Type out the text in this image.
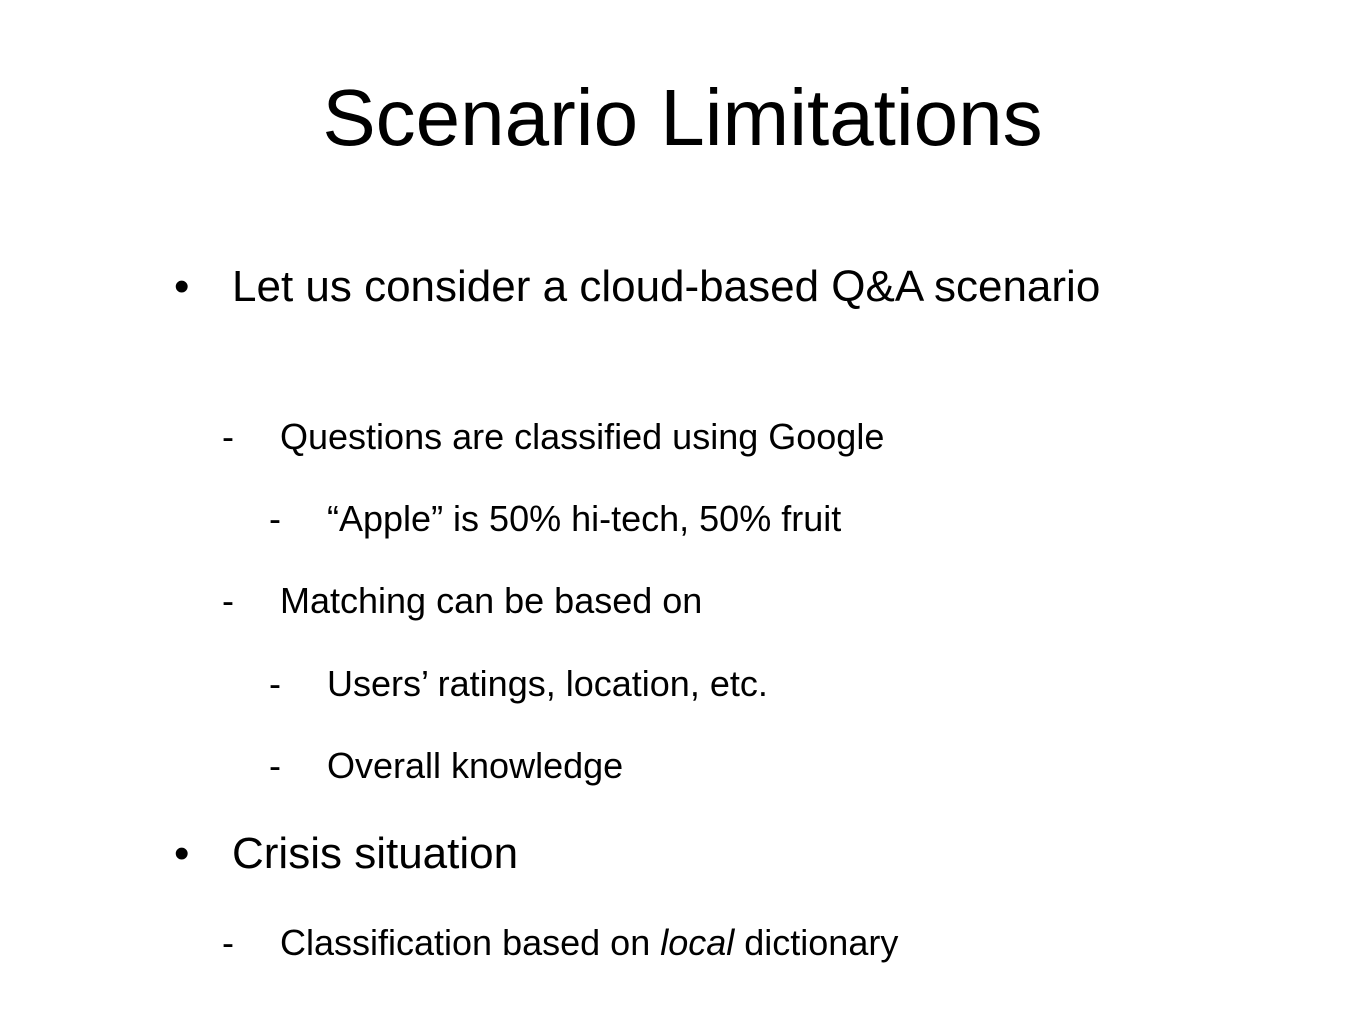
Scenario Limitations
• Let us consider a cloud-based Q&A scenario
- Questions are classified using Google
- “Apple” is 50% hi-tech, 50% fruit
- Matching can be based on
- Users’ ratings, location, etc.
- Overall knowledge
• Crisis situation
- Classification based on local dictionary
